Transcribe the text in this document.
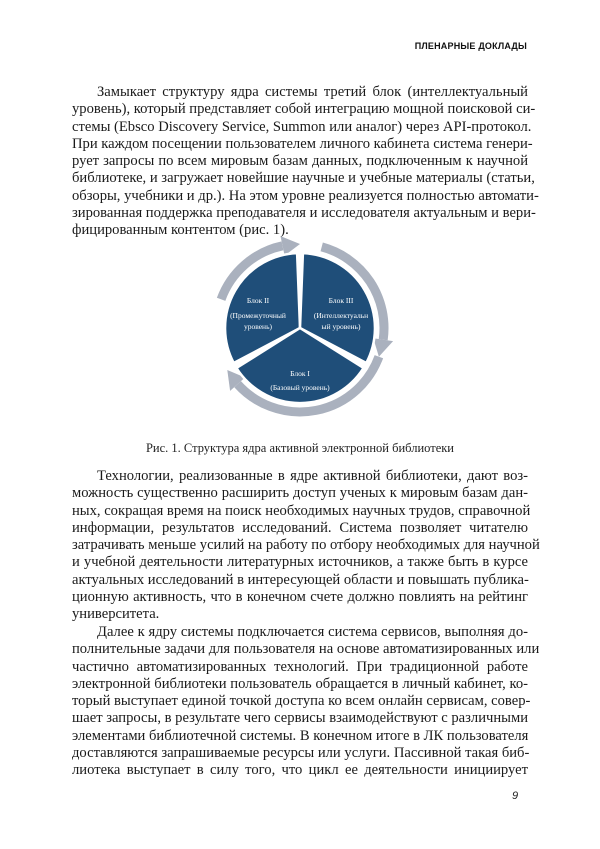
ПЛЕНАРНЫЕ ДОКЛАДЫ

Замыкает структуру ядра системы третий блок (интеллектуальный
уровень), который представляет собой интеграцию мощной поисковой си-
стемы (Ebsco Discovery Service, Summon или аналог) через API-протокол.
При каждом посещении пользователем личного кабинета система генери-
рует запросы по всем мировым базам данных, подключенным к научной
библиотеке, и загружает новейшие научные и учебные материалы (статьи,
обзоры, учебники и др.). На этом уровне реализуется полностью автомати-
зированная поддержка преподавателя и исследователя актуальным и вери-
фицированным контентом (рис. 1).

Блок II
(Промежуточный
уровень)
Блок III
(Интеллектуальн
ый уровень)
Блок I
(Базовый уровень)
Рис. 1. Структура ядра активной электронной библиотеки

Технологии, реализованные в ядре активной библиотеки, дают воз-
можность существенно расширить доступ ученых к мировым базам дан-
ных, сокращая время на поиск необходимых научных трудов, справочной
информации, результатов исследований. Система позволяет читателю
затрачивать меньше усилий на работу по отбору необходимых для научной
и учебной деятельности литературных источников, а также быть в курсе
актуальных исследований в интересующей области и повышать публика-
ционную активность, что в конечном счете должно повлиять на рейтинг
университета.

Далее к ядру системы подключается система сервисов, выполняя до-
полнительные задачи для пользователя на основе автоматизированных или
частично автоматизированных технологий. При традиционной работе
электронной библиотеки пользователь обращается в личный кабинет, ко-
торый выступает единой точкой доступа ко всем онлайн сервисам, совер-
шает запросы, в результате чего сервисы взаимодействуют с различными
элементами библиотечной системы. В конечном итоге в ЛК пользователя
доставляются запрашиваемые ресурсы или услуги. Пассивной такая биб-
лиотека выступает в силу того, что цикл ее деятельности инициирует

9
